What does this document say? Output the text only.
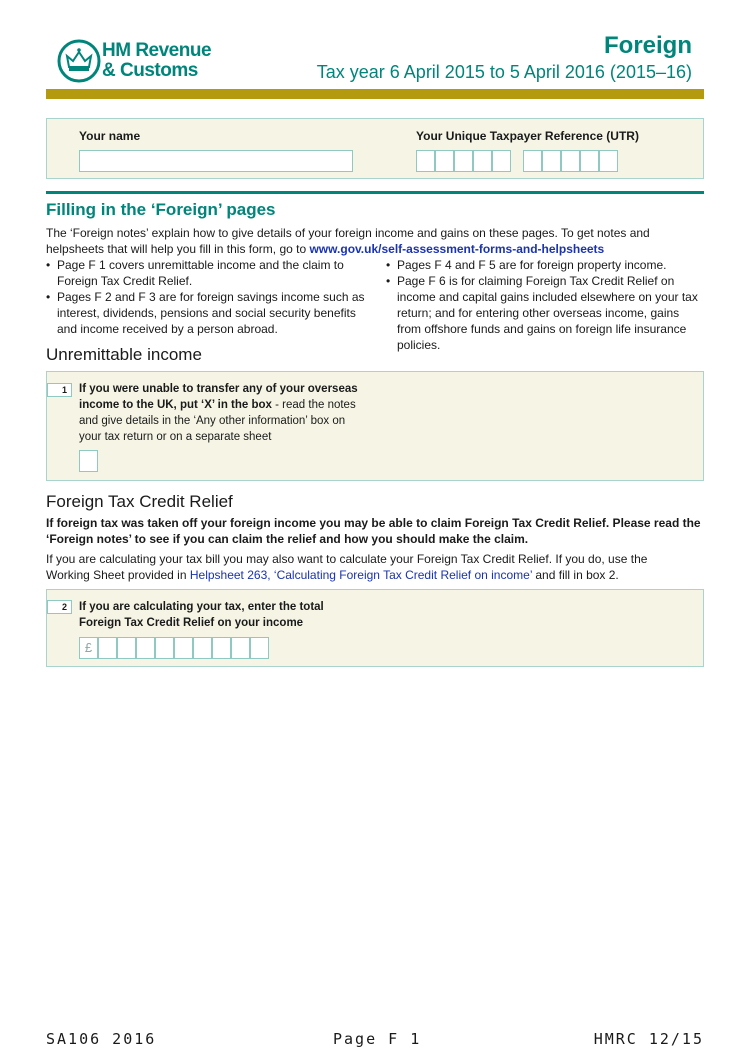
HM Revenue
& Customs
Foreign
Tax year 6 April 2015 to 5 April 2016 (2015–16)
Your name	Your Unique Taxpayer Reference (UTR)
Filling in the ‘Foreign’ pages
The ‘Foreign notes’ explain how to give details of your foreign income and gains on these pages. To get notes and helpsheets that will help you fill in this form, go to www.gov.uk/self-assessment-forms-and-helpsheets
• Page F 1 covers unremittable income and the claim to Foreign Tax Credit Relief.
• Pages F 2 and F 3 are for foreign savings income such as interest, dividends, pensions and social security benefits and income received by a person abroad.
• Pages F 4 and F 5 are for foreign property income.
• Page F 6 is for claiming Foreign Tax Credit Relief on income and capital gains included elsewhere on your tax return; and for entering other overseas income, gains from offshore funds and gains on foreign life insurance policies.
Unremittable income
1	If you were unable to transfer any of your overseas income to the UK, put ‘X’ in the box - read the notes and give details in the ‘Any other information’ box on your tax return or on a separate sheet
Foreign Tax Credit Relief
If foreign tax was taken off your foreign income you may be able to claim Foreign Tax Credit Relief. Please read the ‘Foreign notes’ to see if you can claim the relief and how you should make the claim.
If you are calculating your tax bill you may also want to calculate your Foreign Tax Credit Relief. If you do, use the Working Sheet provided in Helpsheet 263, ‘Calculating Foreign Tax Credit Relief on income’ and fill in box 2.
2	If you are calculating your tax, enter the total Foreign Tax Credit Relief on your income
£
SA106 2016	Page F 1	HMRC 12/15
